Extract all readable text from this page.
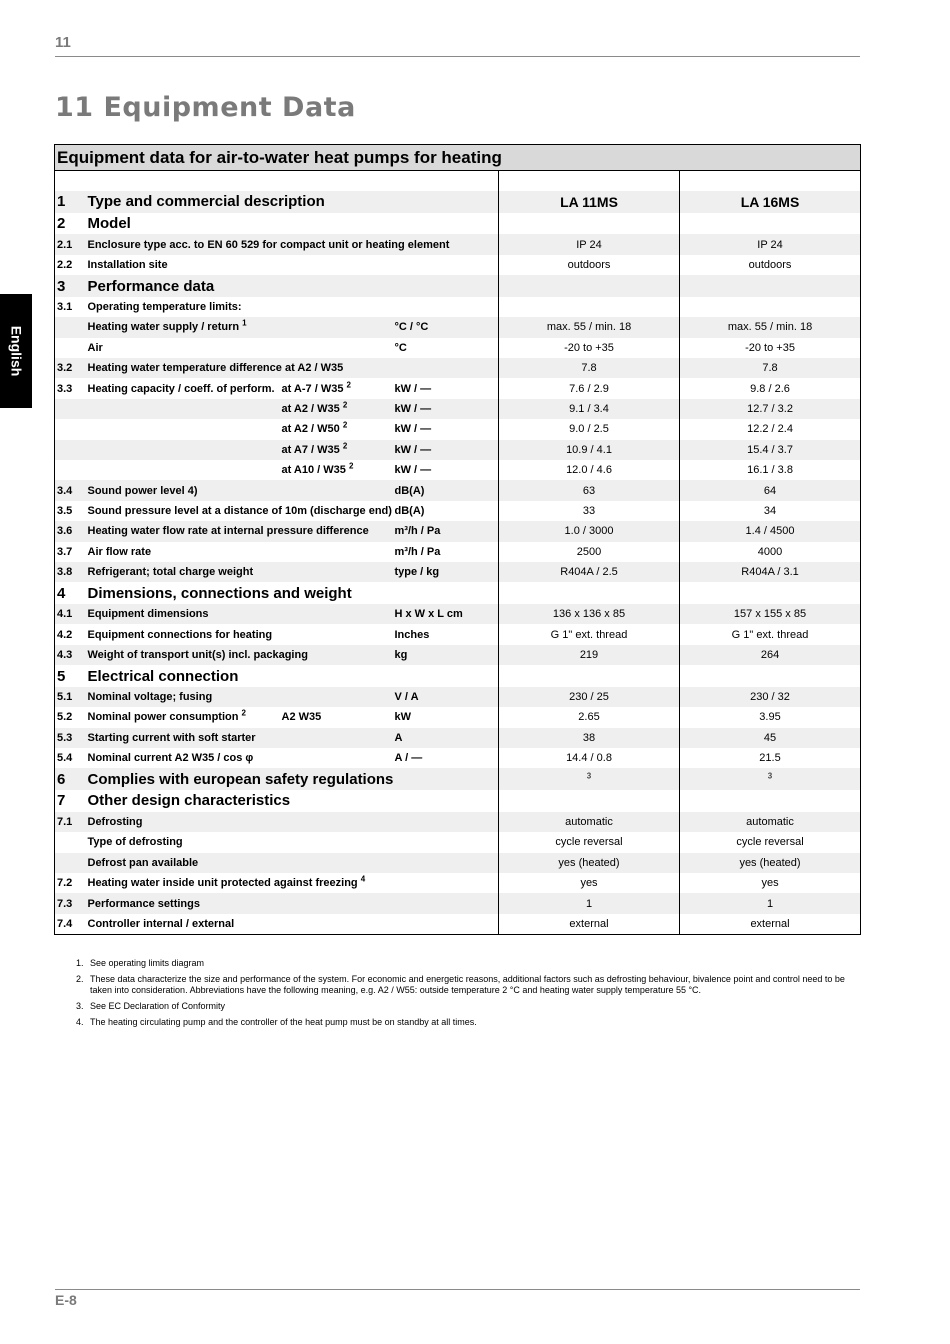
11
11 Equipment Data
English
Equipment data for air-to-water heat pumps for heating					

1	Type and commercial description			LA 11MS	LA 16MS
2	Model				
2.1	Enclosure type acc. to EN 60 529 for compact unit or heating element			IP 24	IP 24
2.2	Installation site			outdoors	outdoors
3	Performance data				
3.1	Operating temperature limits:				
	Heating water supply / return $^1$		°C / °C	max. 55 / min. 18	max. 55 / min. 18
	Air		°C	-20 to +35	-20 to +35
3.2	Heating water temperature difference at A2 / W35			7.8	7.8
3.3	Heating capacity / coeff. of perform.	at A-7 / W35 $^2$	kW / —	7.6 / 2.9	9.8 / 2.6
		at A2 / W35 $^2$	kW / —	9.1 / 3.4	12.7 / 3.2
		at A2 / W50 $^2$	kW / —	9.0 / 2.5	12.2 / 2.4
		at A7 / W35 $^2$	kW / —	10.9 / 4.1	15.4 / 3.7
		at A10 / W35 $^2$	kW / —	12.0 / 4.6	16.1 / 3.8
3.4	Sound power level 4)		dB(A)	63	64
3.5	Sound pressure level at a distance of 10m (discharge end)		dB(A)	33	34
3.6	Heating water flow rate at internal pressure difference		m³/h / Pa	1.0 / 3000	1.4 / 4500
3.7	Air flow rate		m³/h / Pa	2500	4000
3.8	Refrigerant; total charge weight		type / kg	R404A / 2.5	R404A / 3.1
4	Dimensions, connections and weight				
4.1	Equipment dimensions		H x W x L cm	136 x 136 x 85	157 x 155 x 85
4.2	Equipment connections for heating		Inches	G 1" ext. thread	G 1" ext. thread
4.3	Weight of transport unit(s) incl. packaging		kg	219	264
5	Electrical connection				
5.1	Nominal voltage; fusing		V / A	230 / 25	230 / 32
5.2	Nominal power consumption $^2$	A2 W35	kW	2.65	3.95
5.3	Starting current with soft starter		A	38	45
5.4	Nominal current A2 W35 / cos φ		A / —	14.4 / 0.8	21.5
6	Complies with european safety regulations			$^3$	$^3$
7	Other design characteristics				
7.1	Defrosting			automatic	automatic
	Type of defrosting			cycle reversal	cycle reversal
	Defrost pan available			yes (heated)	yes (heated)
7.2	Heating water inside unit protected against freezing $^4$			yes	yes
7.3	Performance settings			1	1
7.4	Controller internal / external			external	external
1. See operating limits diagram
2. These data characterize the size and performance of the system. For economic and energetic reasons, additional factors such as defrosting behaviour, bivalence point and control need to be taken into consideration. Abbreviations have the following meaning, e.g. A2 / W55: outside temperature 2 °C and heating water supply temperature 55 °C.
3. See EC Declaration of Conformity
4. The heating circulating pump and the controller of the heat pump must be on standby at all times.
E-8
